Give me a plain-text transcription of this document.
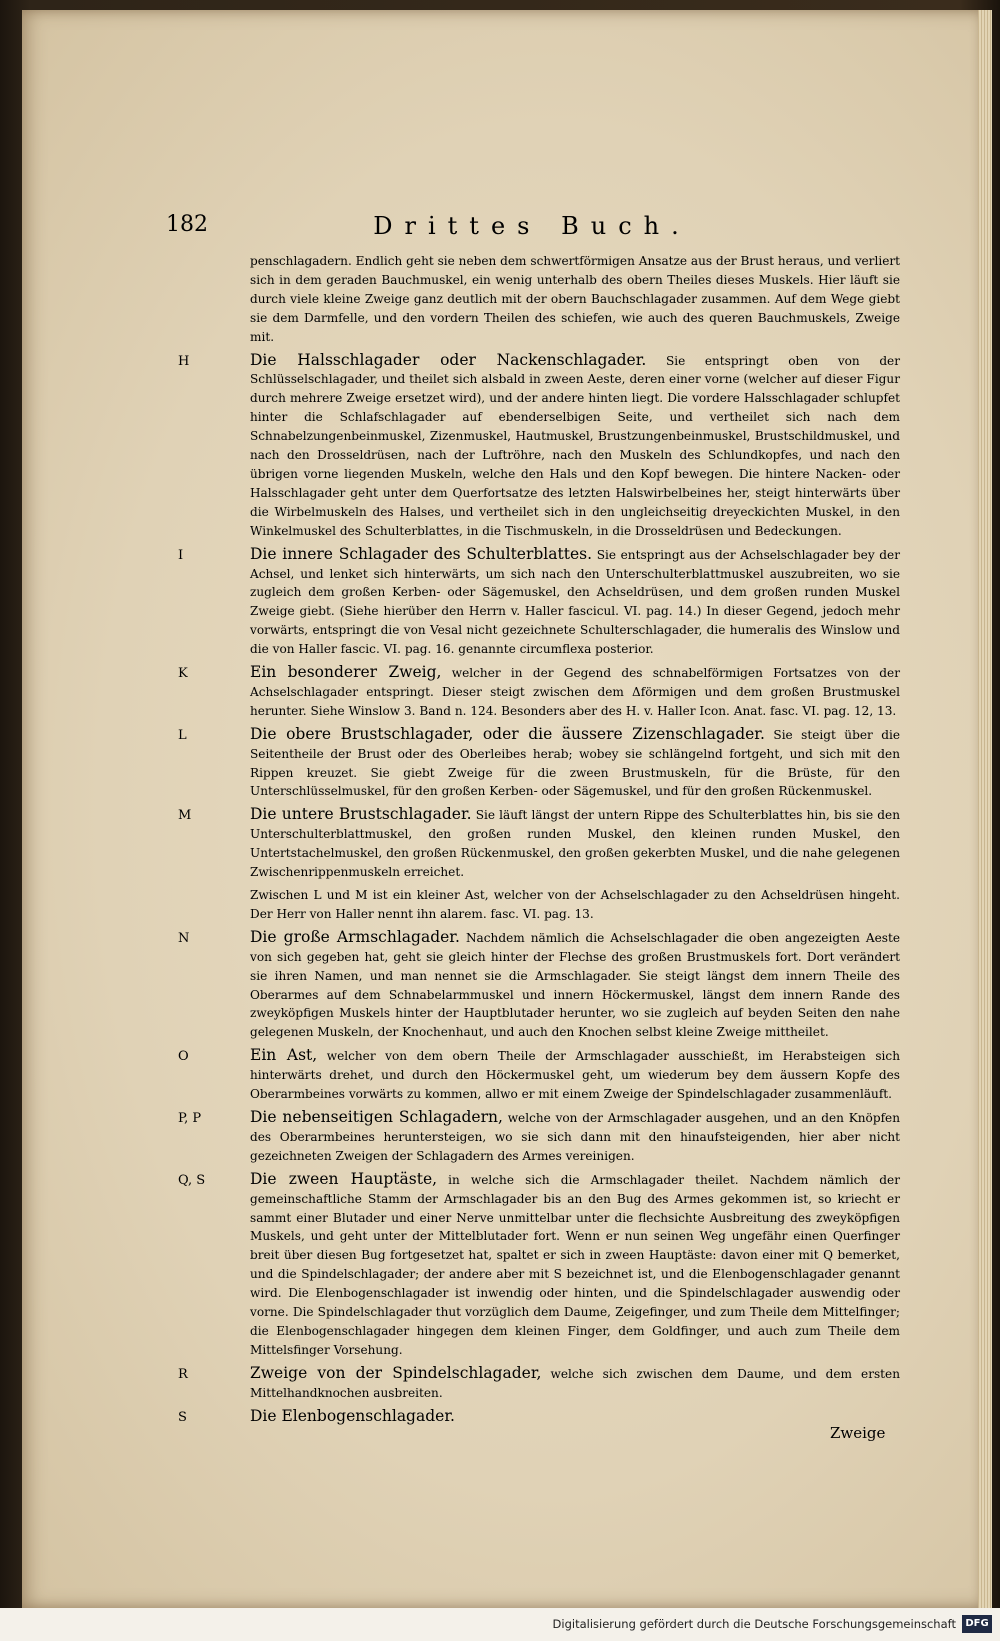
182	Drittes Buch.
penschlagadern. Endlich geht sie neben dem schwertförmigen Ansatze aus der Brust heraus, und verliert sich in dem geraden Bauchmuskel, ein wenig unterhalb des obern Theiles dieses Muskels. Hier läuft sie durch viele kleine Zweige ganz deutlich mit der obern Bauchschlagader zusammen. Auf dem Wege giebt sie dem Darmfelle, und den vordern Theilen des schiefen, wie auch des queren Bauchmuskels, Zweige mit.
H	Die Halsschlagader oder Nackenschlagader. Sie entspringt oben von der Schlüsselschlagader, und theilet sich alsbald in zween Aeste, deren einer vorne (welcher auf dieser Figur durch mehrere Zweige ersetzet wird), und der andere hinten liegt. Die vordere Halsschlagader schlupfet hinter die Schlafschlagader auf ebenderselbigen Seite, und vertheilet sich nach dem Schnabelzungenbeinmuskel, Zizenmuskel, Hautmuskel, Brustzungenbeinmuskel, Brustschildmuskel, und nach den Drosseldrüsen, nach der Luftröhre, nach den Muskeln des Schlundkopfes, und nach den übrigen vorne liegenden Muskeln, welche den Hals und den Kopf bewegen. Die hintere Nacken- oder Halsschlagader geht unter dem Querfortsatze des letzten Halswirbelbeines her, steigt hinterwärts über die Wirbelmuskeln des Halses, und vertheilet sich in den ungleichseitig dreyeckichten Muskel, in den Winkelmuskel des Schulterblattes, in die Tischmuskeln, in die Drosseldrüsen und Bedeckungen.
I	Die innere Schlagader des Schulterblattes. Sie entspringt aus der Achselschlagader bey der Achsel, und lenket sich hinterwärts, um sich nach den Unterschulterblattmuskel auszubreiten, wo sie zugleich dem großen Kerben- oder Sägemuskel, den Achseldrüsen, und dem großen runden Muskel Zweige giebt. (Siehe hierüber den Herrn v. Haller fascicul. VI. pag. 14.) In dieser Gegend, jedoch mehr vorwärts, entspringt die von Vesal nicht gezeichnete Schulterschlagader, die humeralis des Winslow und die von Haller fascic. VI. pag. 16. genannte circumflexa posterior.
K	Ein besonderer Zweig, welcher in der Gegend des schnabelförmigen Fortsatzes von der Achselschlagader entspringt. Dieser steigt zwischen dem Δförmigen und dem großen Brustmuskel herunter. Siehe Winslow 3. Band n. 124. Besonders aber des H. v. Haller Icon. Anat. fasc. VI. pag. 12, 13.
L	Die obere Brustschlagader, oder die äussere Zizenschlagader. Sie steigt über die Seitentheile der Brust oder des Oberleibes herab; wobey sie schlängelnd fortgeht, und sich mit den Rippen kreuzet. Sie giebt Zweige für die zween Brustmuskeln, für die Brüste, für den Unterschlüsselmuskel, für den großen Kerben- oder Sägemuskel, und für den großen Rückenmuskel.
M	Die untere Brustschlagader. Sie läuft längst der untern Rippe des Schulterblattes hin, bis sie den Unterschulterblattmuskel, den großen runden Muskel, den kleinen runden Muskel, den Untertstachelmuskel, den großen Rückenmuskel, den großen gekerbten Muskel, und die nahe gelegenen Zwischenrippenmuskeln erreichet.
Zwischen L und M ist ein kleiner Ast, welcher von der Achselschlagader zu den Achseldrüsen hingeht. Der Herr von Haller nennt ihn alarem. fasc. VI. pag. 13.
N	Die große Armschlagader. Nachdem nämlich die Achselschlagader die oben angezeigten Aeste von sich gegeben hat, geht sie gleich hinter der Flechse des großen Brustmuskels fort. Dort verändert sie ihren Namen, und man nennet sie die Armschlagader. Sie steigt längst dem innern Theile des Oberarmes auf dem Schnabelarmmuskel und innern Höckermuskel, längst dem innern Rande des zweyköpfigen Muskels hinter der Hauptblutader herunter, wo sie zugleich auf beyden Seiten den nahe gelegenen Muskeln, der Knochenhaut, und auch den Knochen selbst kleine Zweige mittheilet.
O	Ein Ast, welcher von dem obern Theile der Armschlagader ausschießt, im Herabsteigen sich hinterwärts drehet, und durch den Höckermuskel geht, um wiederum bey dem äussern Kopfe des Oberarmbeines vorwärts zu kommen, allwo er mit einem Zweige der Spindelschlagader zusammenläuft.
P, P	Die nebenseitigen Schlagadern, welche von der Armschlagader ausgehen, und an den Knöpfen des Oberarmbeines heruntersteigen, wo sie sich dann mit den hinaufsteigenden, hier aber nicht gezeichneten Zweigen der Schlagadern des Armes vereinigen.
Q, S	Die zween Hauptäste, in welche sich die Armschlagader theilet. Nachdem nämlich der gemeinschaftliche Stamm der Armschlagader bis an den Bug des Armes gekommen ist, so kriecht er sammt einer Blutader und einer Nerve unmittelbar unter die flechsichte Ausbreitung des zweyköpfigen Muskels, und geht unter der Mittelblutader fort. Wenn er nun seinen Weg ungefähr einen Querfinger breit über diesen Bug fortgesetzet hat, spaltet er sich in zween Hauptäste: davon einer mit Q bemerket, und die Spindelschlagader; der andere aber mit S bezeichnet ist, und die Elenbogenschlagader genannt wird. Die Elenbogenschlagader ist inwendig oder hinten, und die Spindelschlagader auswendig oder vorne. Die Spindelschlagader thut vorzüglich dem Daume, Zeigefinger, und zum Theile dem Mittelfinger; die Elenbogenschlagader hingegen dem kleinen Finger, dem Goldfinger, und auch zum Theile dem Mittelsfinger Vorsehung.
R	Zweige von der Spindelschlagader, welche sich zwischen dem Daume, und dem ersten Mittelhandknochen ausbreiten.
S	Die Elenbogenschlagader.
Zweige
Digitalisierung gefördert durch die Deutsche Forschungsgemeinschaft DFG
